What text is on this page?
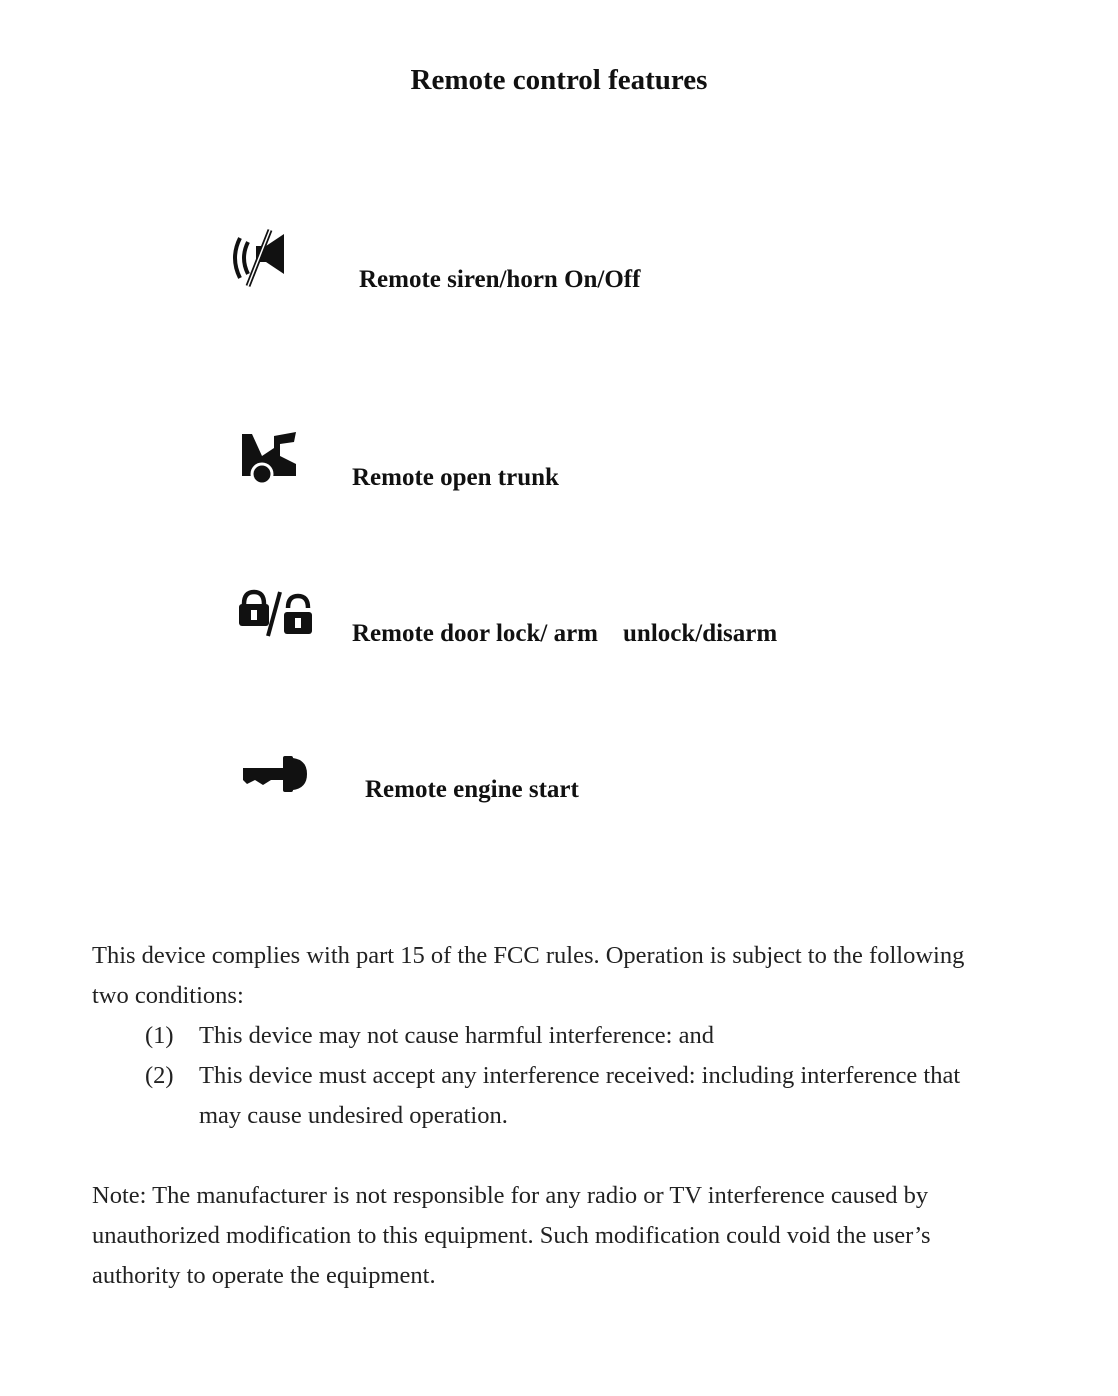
Remote control features
Remote siren/horn On/Off
Remote open trunk
Remote door lock/ arm    unlock/disarm
Remote engine start
This device complies with part 15 of the FCC rules. Operation is subject to the following
two conditions:
(1) This device may not cause harmful interference: and
(2) This device must accept any interference received: including interference that may cause undesired operation.
Note: The manufacturer is not responsible for any radio or TV interference caused by
unauthorized modification to this equipment. Such modification could void the user’s
authority to operate the equipment.
